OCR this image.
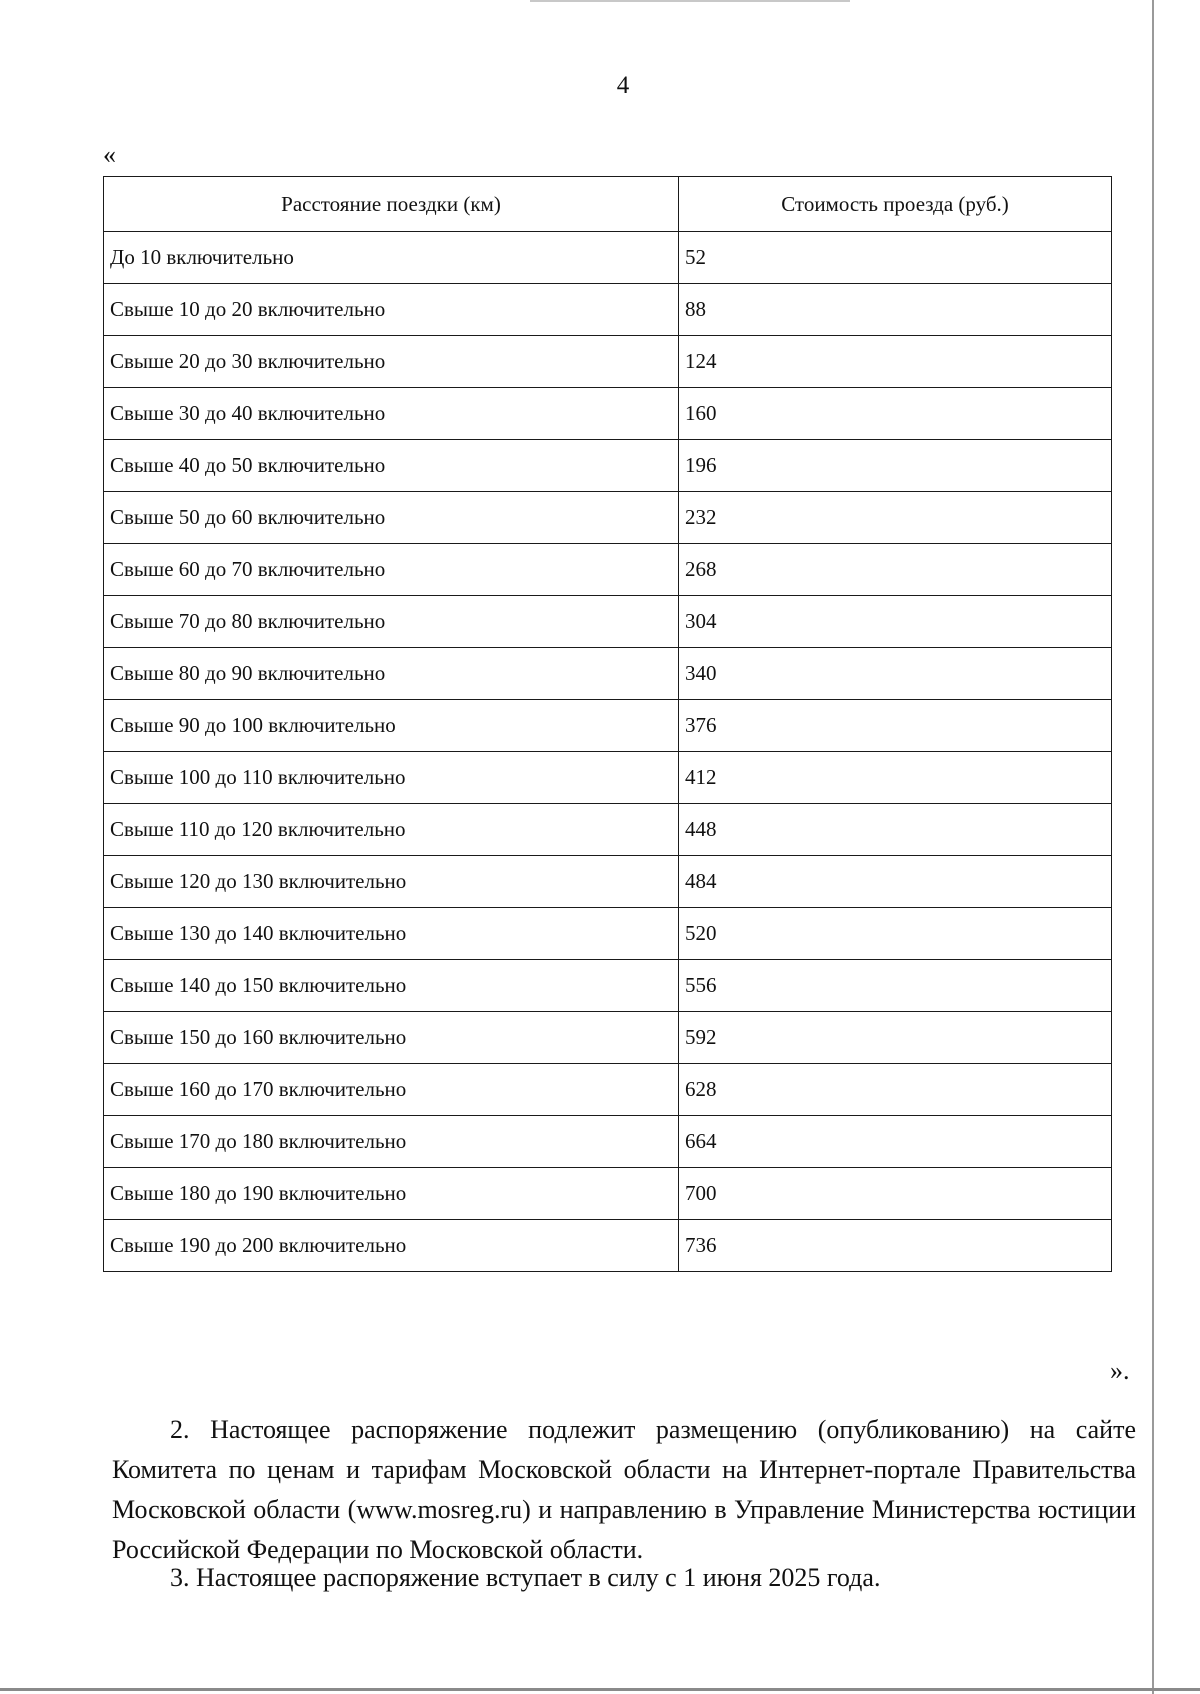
4
«
Расстояние поездки (км)	Стоимость проезда (руб.)
До 10 включительно	52
Свыше 10 до 20 включительно	88
Свыше 20 до 30 включительно	124
Свыше 30 до 40 включительно	160
Свыше 40 до 50 включительно	196
Свыше 50 до 60 включительно	232
Свыше 60 до 70 включительно	268
Свыше 70 до 80 включительно	304
Свыше 80 до 90 включительно	340
Свыше 90 до 100 включительно	376
Свыше 100 до 110 включительно	412
Свыше 110 до 120 включительно	448
Свыше 120 до 130 включительно	484
Свыше 130 до 140 включительно	520
Свыше 140 до 150 включительно	556
Свыше 150 до 160 включительно	592
Свыше 160 до 170 включительно	628
Свыше 170 до 180 включительно	664
Свыше 180 до 190 включительно	700
Свыше 190 до 200 включительно	736
».

2. Настоящее распоряжение подлежит размещению (опубликованию) на сайте Комитета по ценам и тарифам Московской области на Интернет-портале Правительства Московской области (www.mosreg.ru) и направлению в Управление Министерства юстиции Российской Федерации по Московской области.

3. Настоящее распоряжение вступает в силу с 1 июня 2025 года.
